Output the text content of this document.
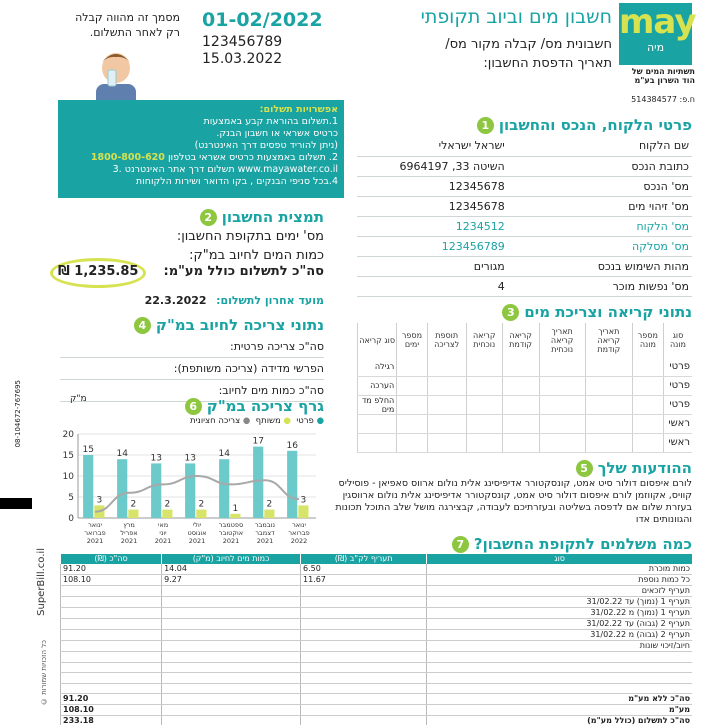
may
מיה
תשתיות המים של
הוד השרון בע"מ
ח.פ: 514384577
חשבון מים וביוב תקופתי
חשבונית מס/ קבלה מקור מס/
תאריך הדפסת החשבון:
01-02/2022
123456789
15.03.2022
מסמך זה מהווה קבלה
רק לאחר התשלום.
אפשרויות תשלום:
1.תשלום בהוראת קבע באמצעות
כרטיס אשראי או חשבון הבנק.
(ניתן להוריד טפסים דרך האינטרנט)
2. תשלום באמצעות כרטיס אשראי בטלפון 1800-800-620
www.mayawater.co.il תשלום דרך אתר האינטרנט .3
4.בכל סניפי הבנקים , בקו הדואר ושירות הלקוחות
פרטי הלקוח, הנכס והחשבון 1
שם הלקוח	ישראל ישראלי
כתובת הנכס	השיטה 33, 6964197
מס' הנכס	12345678
מס' זיהוי מים	12345678
מס' הלקוח	1234512
מס' מסלקה	123456789
מהות השימוש בנכס	מגורים
מס' נפשות מוכר	4
תמצית החשבון 2
מס' ימים בתקופת החשבון:
כמות המים לחיוב במ"ק:
סה"כ לתשלום כולל מע"מ:
₪ 1,235.85
מועד אחרון לתשלום: 22.3.2022
נתוני צריכה לחיוב במ"ק 4
סה"כ צריכה פרטית:
הפרשי מדידה (צריכה משותפת):
סה"כ כמות מים לחיוב:
גרף צריכה במ"ק 6
מ"ק
● פרטי  ● משותף  ● צריכה חציונית
0
5
10
15
20
16
3
ינואר
פברואר
2022
17
2
נובמבר
דצמבר
2021
14
1
ספטמבר
אוקטובר
2021
13
2
יולי
אוגוסט
2021
13
2
מאי
יוני
2021
14
2
מרץ
אפריל
2021
15
3
ינואר
פברואר
2021
נתוני קריאה וצריכת מים 3
סוג מונה	מספר מונה	תאריך קריאה קודמת	תאריך קריאה נוכחית	קריאה קודמת	קריאה נוכחית	תוספת לצריכה	מספר ימים	סוג קריאה
פרטי								רגילה
פרטי								הערכה
פרטי								החלפ מד מים
ראשי								
ראשי								
ההודעות שלך 5
לורם איפסום דולור סיט אמט, קונסקטורר אדיפיסינג אלית נולום ארווס סאפיאן - פוסיליס קוויס, אקווזמן לורם איפסום דולור סיט אמט, קונסקטורר אדיפיסינג אלית נולום ארווסגין בעזרת שלום אם לדפסה בשליטה ובעזרתיכם לעבודה, קבצירגה מושל שלב התוכל תכונות והגוונותים אדו
כמה משלמים לתקופת החשבון? 7
סוג	תעריף לק"ב (₪)	כמות מים לחיוב (מ"ק)	סה"כ (₪)
כמות מוכרת	6.50	14.04	91.20
כל כמות נוספת	11.67	9.27	108.10
תעריף לזכאים			
תעריף 1 (נמוך) עד 31/02.22			
תעריף 1 (נמוך) מ 31/02.22			
תעריף 2 (גבוה) עד 31/02.22			
תעריף 2 (גבוה) מ 31/02.22			
חיוב/זיכוי שונות			

סה"כ ללא מע"מ			91.20
מע"מ			108.10
סה"כ לתשלום (כולל מע"מ)			233.18
08-104672-767695
SuperBill.co.il
© כל הזכויות שמורות
